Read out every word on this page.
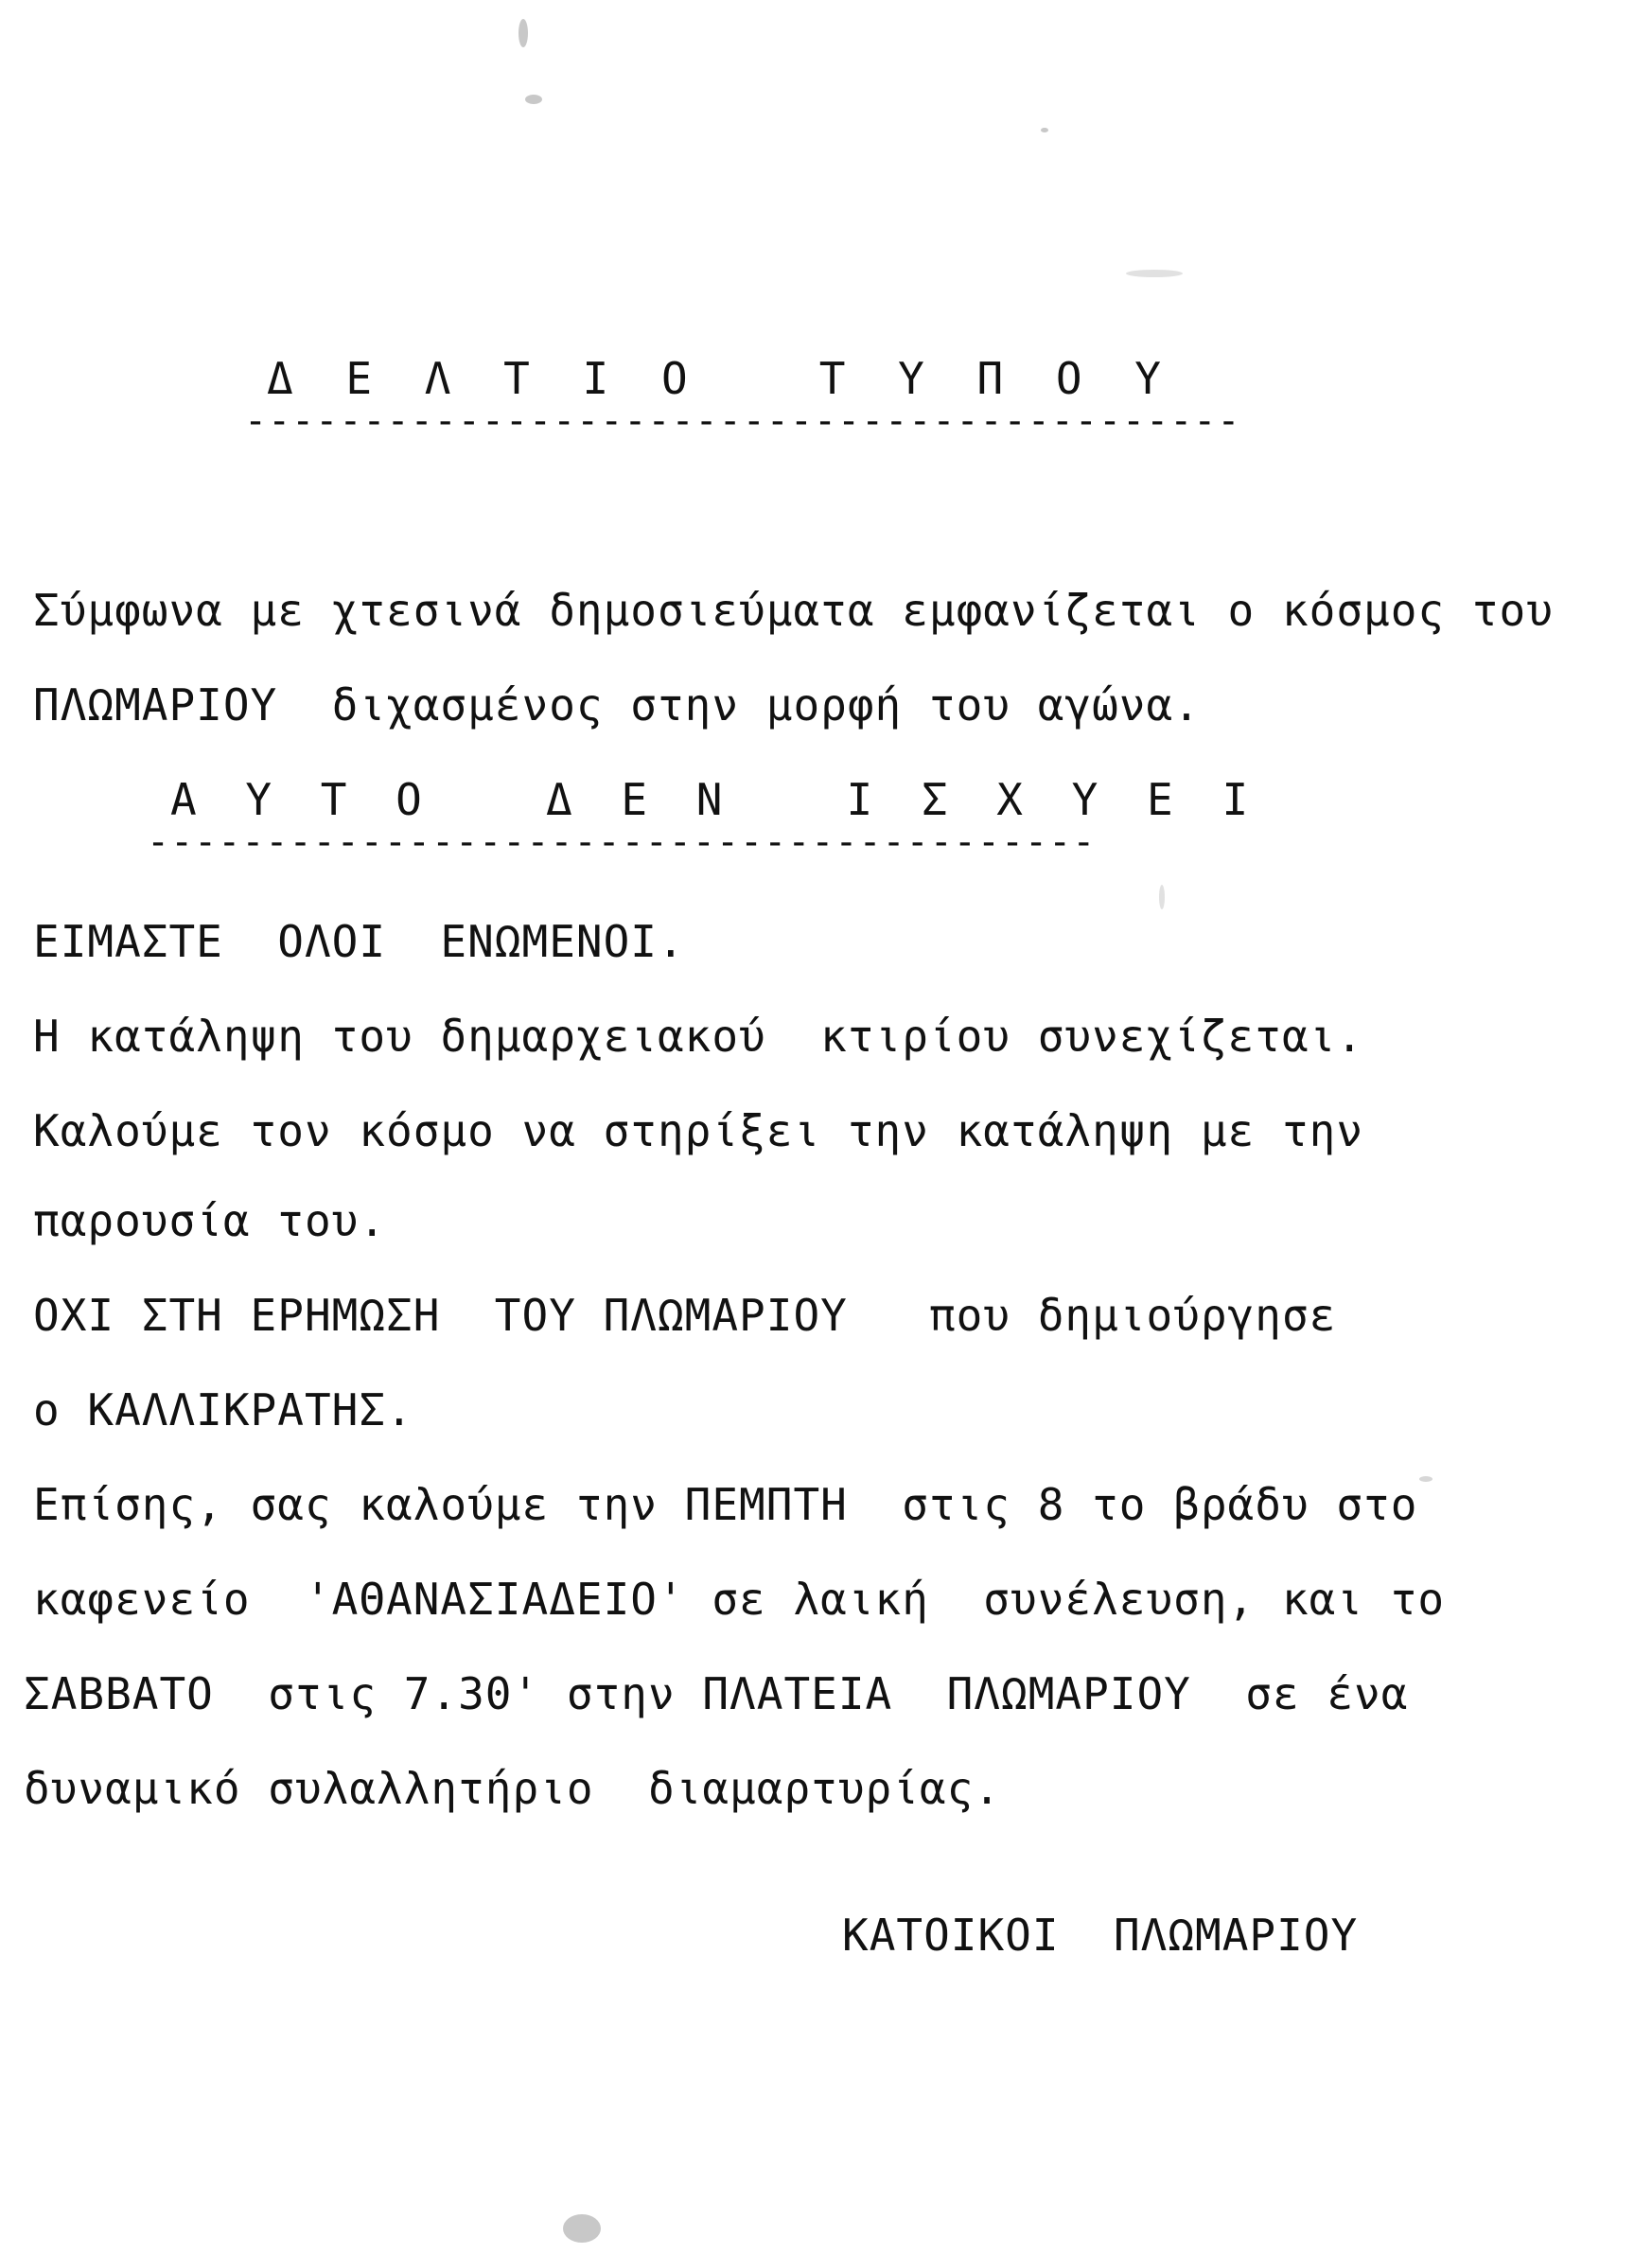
Δ Ε Λ Τ Ι Ο   Τ Υ Π Ο Υ
------------------------------------------
Σύμφωνα με χτεσινά δημοσιεύματα εμφανίζεται ο κόσμος του
ΠΛΩΜΑΡΙΟΥ  διχασμένος στην μορφή του αγώνα.
Α Υ Τ Ο   Δ Ε Ν   Ι Σ Χ Υ Ε Ι
----------------------------------------
ΕΙΜΑΣΤΕ  ΟΛΟΙ  ΕΝΩΜΕΝΟΙ.
Η κατάληψη του δημαρχειακού  κτιρίου συνεχίζεται.
Καλούμε τον κόσμο να στηρίξει την κατάληψη με την
παρουσία του.
ΟΧΙ ΣΤΗ ΕΡΗΜΩΣΗ  ΤΟΥ ΠΛΩΜΑΡΙΟΥ   που δημιούργησε
ο ΚΑΛΛΙΚΡΑΤΗΣ.
Επίσης, σας καλούμε την ΠΕΜΠΤΗ  στις 8 το βράδυ στο
καφενείο  'ΑΘΑΝΑΣΙΑΔΕΙΟ' σε λαική  συνέλευση, και το
ΣΑΒΒΑΤΟ  στις 7.30' στην ΠΛΑΤΕΙΑ  ΠΛΩΜΑΡΙΟΥ  σε ένα
δυναμικό συλαλλητήριο  διαμαρτυρίας.
ΚΑΤΟΙΚΟΙ  ΠΛΩΜΑΡΙΟΥ
